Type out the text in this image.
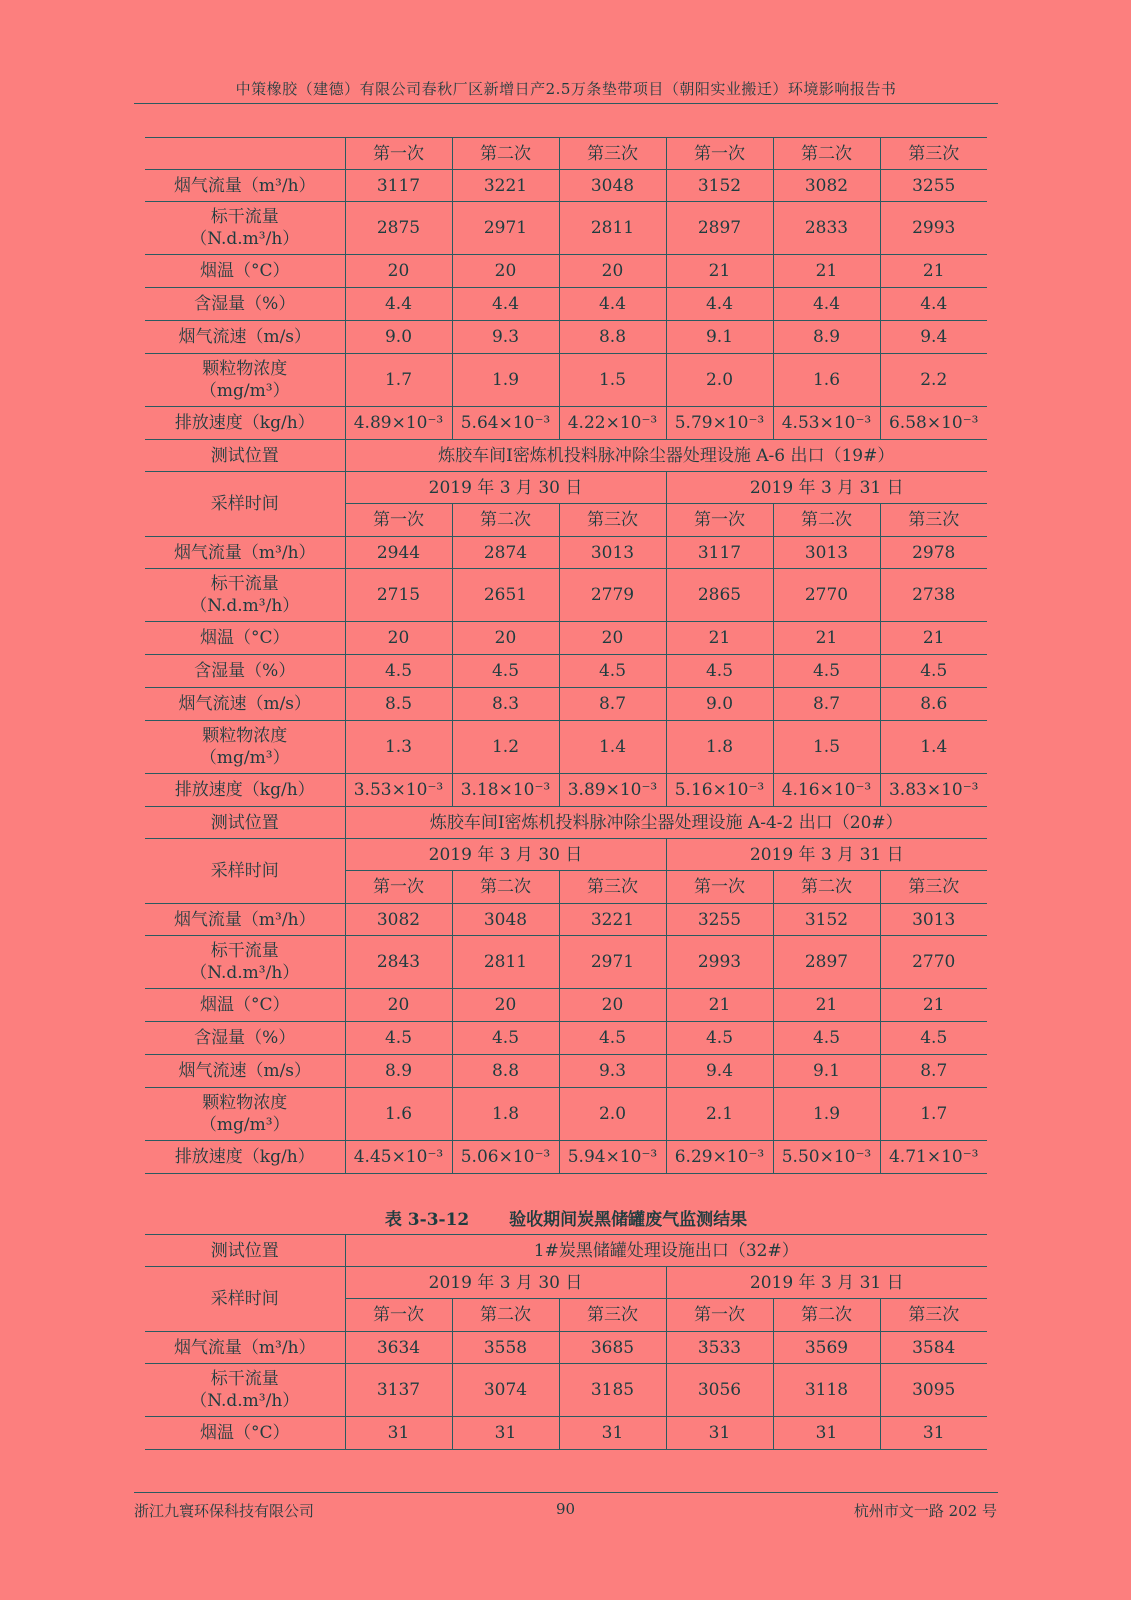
中策橡胶（建德）有限公司春秋厂区新增日产2.5万条垫带项目（朝阳实业搬迁）环境影响报告书
	第一次	第二次	第三次	第一次	第二次	第三次

烟气流量（m³/h）	3117	3221	3048	3152	3082	3255

标干流量
（N.d.m³/h）	2875	2971	2811	2897	2833	2993

烟温（°C）	20	20	20	21	21	21

含湿量（%）	4.4	4.4	4.4	4.4	4.4	4.4

烟气流速（m/s）	9.0	9.3	8.8	9.1	8.9	9.4

颗粒物浓度
（mg/m³）	1.7	1.9	1.5	2.0	1.6	2.2

排放速度（kg/h）	4.89×10⁻³	5.64×10⁻³	4.22×10⁻³	5.79×10⁻³	4.53×10⁻³	6.58×10⁻³

测试位置	炼胶车间I密炼机投料脉冲除尘器处理设施 A-6 出口（19#）					

采样时间	2019 年 3 月 30 日			2019 年 3 月 31 日		
	第一次	第二次	第三次	第一次	第二次	第三次

烟气流量（m³/h）	2944	2874	3013	3117	3013	2978

标干流量
（N.d.m³/h）	2715	2651	2779	2865	2770	2738

烟温（°C）	20	20	20	21	21	21

含湿量（%）	4.5	4.5	4.5	4.5	4.5	4.5

烟气流速（m/s）	8.5	8.3	8.7	9.0	8.7	8.6

颗粒物浓度
（mg/m³）	1.3	1.2	1.4	1.8	1.5	1.4

排放速度（kg/h）	3.53×10⁻³	3.18×10⁻³	3.89×10⁻³	5.16×10⁻³	4.16×10⁻³	3.83×10⁻³

测试位置	炼胶车间I密炼机投料脉冲除尘器处理设施 A-4-2 出口（20#）					

采样时间	2019 年 3 月 30 日			2019 年 3 月 31 日		
	第一次	第二次	第三次	第一次	第二次	第三次

烟气流量（m³/h）	3082	3048	3221	3255	3152	3013

标干流量
（N.d.m³/h）	2843	2811	2971	2993	2897	2770

烟温（°C）	20	20	20	21	21	21

含湿量（%）	4.5	4.5	4.5	4.5	4.5	4.5

烟气流速（m/s）	8.9	8.8	9.3	9.4	9.1	8.7

颗粒物浓度
（mg/m³）	1.6	1.8	2.0	2.1	1.9	1.7

排放速度（kg/h）	4.45×10⁻³	5.06×10⁻³	5.94×10⁻³	6.29×10⁻³	5.50×10⁻³	4.71×10⁻³
表 3-3-12 验收期间炭黑储罐废气监测结果
测试位置	1#炭黑储罐处理设施出口（32#）					

采样时间	2019 年 3 月 30 日			2019 年 3 月 31 日		
	第一次	第二次	第三次	第一次	第二次	第三次

烟气流量（m³/h）	3634	3558	3685	3533	3569	3584

标干流量
（N.d.m³/h）	3137	3074	3185	3056	3118	3095

烟温（°C）	31	31	31	31	31	31
浙江九寰环保科技有限公司	90	杭州市文一路 202 号
